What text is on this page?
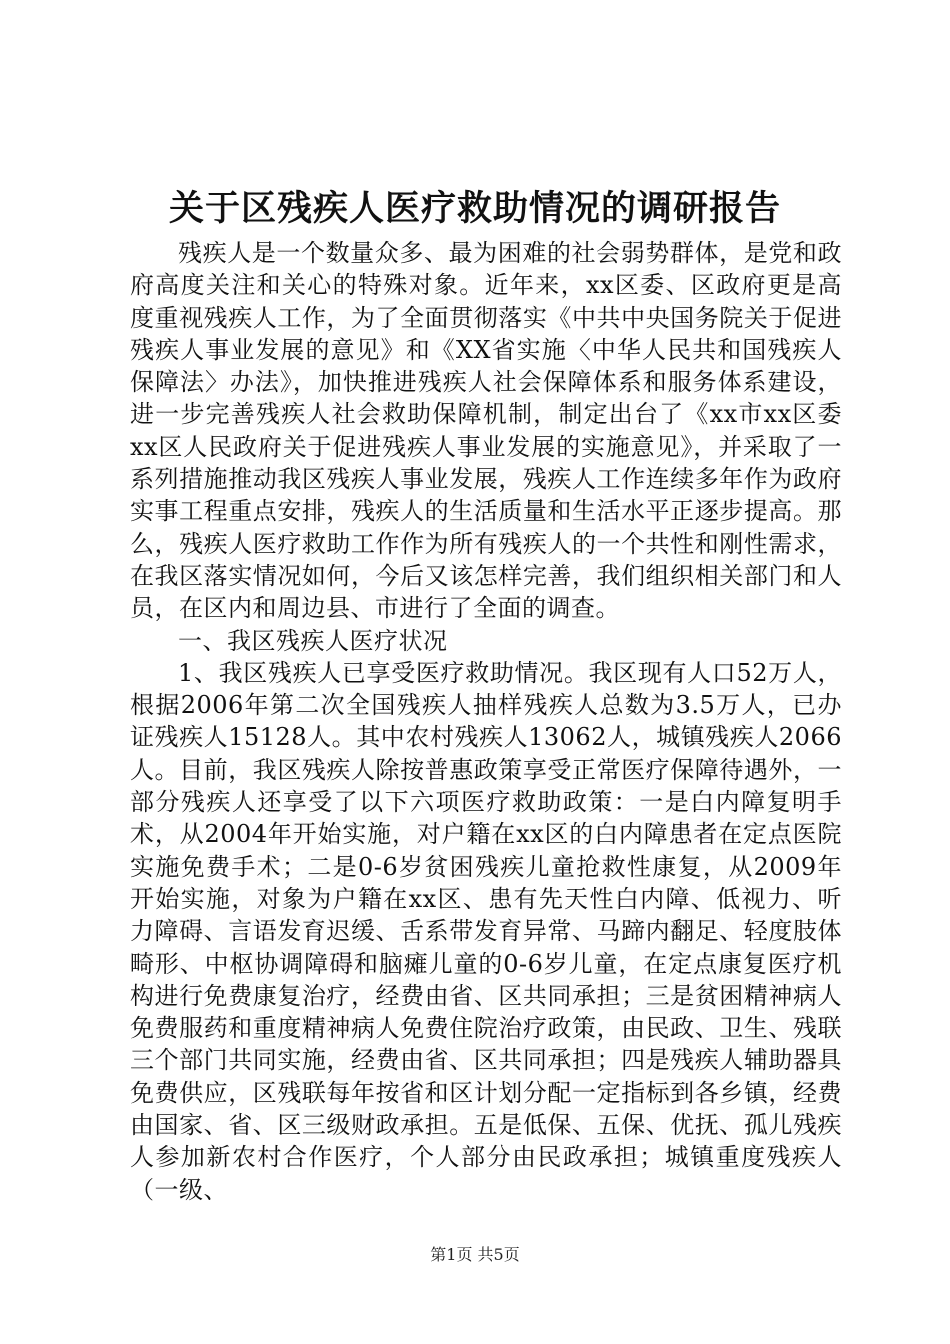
关于区残疾人医疗救助情况的调研报告

残疾人是一个数量众多、最为困难的社会弱势群体，是党和政府高度关注和关心的特殊对象。近年来，xx区委、区政府更是高度重视残疾人工作，为了全面贯彻落实《中共中央国务院关于促进残疾人事业发展的意见》和《XX省实施〈中华人民共和国残疾人保障法〉办法》，加快推进残疾人社会保障体系和服务体系建设，进一步完善残疾人社会救助保障机制，制定出台了《xx市xx区委xx区人民政府关于促进残疾人事业发展的实施意见》，并采取了一系列措施推动我区残疾人事业发展，残疾人工作连续多年作为政府实事工程重点安排，残疾人的生活质量和生活水平正逐步提高。那么，残疾人医疗救助工作作为所有残疾人的一个共性和刚性需求，在我区落实情况如何，今后又该怎样完善，我们组织相关部门和人员，在区内和周边县、市进行了全面的调查。

一、我区残疾人医疗状况

1、我区残疾人已享受医疗救助情况。我区现有人口52万人，根据2006年第二次全国残疾人抽样残疾人总数为3.5万人，已办证残疾人15128人。其中农村残疾人13062人，城镇残疾人2066人。目前，我区残疾人除按普惠政策享受正常医疗保障待遇外，一部分残疾人还享受了以下六项医疗救助政策：一是白内障复明手术，从2004年开始实施，对户籍在xx区的白内障患者在定点医院实施免费手术；二是0-6岁贫困残疾儿童抢救性康复，从2009年开始实施，对象为户籍在xx区、患有先天性白内障、低视力、听力障碍、言语发育迟缓、舌系带发育异常、马蹄内翻足、轻度肢体畸形、中枢协调障碍和脑瘫儿童的0-6岁儿童，在定点康复医疗机构进行免费康复治疗，经费由省、区共同承担；三是贫困精神病人免费服药和重度精神病人免费住院治疗政策，由民政、卫生、残联三个部门共同实施，经费由省、区共同承担；四是残疾人辅助器具免费供应，区残联每年按省和区计划分配一定指标到各乡镇，经费由国家、省、区三级财政承担。五是低保、五保、优抚、孤儿残疾人参加新农村合作医疗，个人部分由民政承担；城镇重度残疾人（一级、

第1页 共5页
